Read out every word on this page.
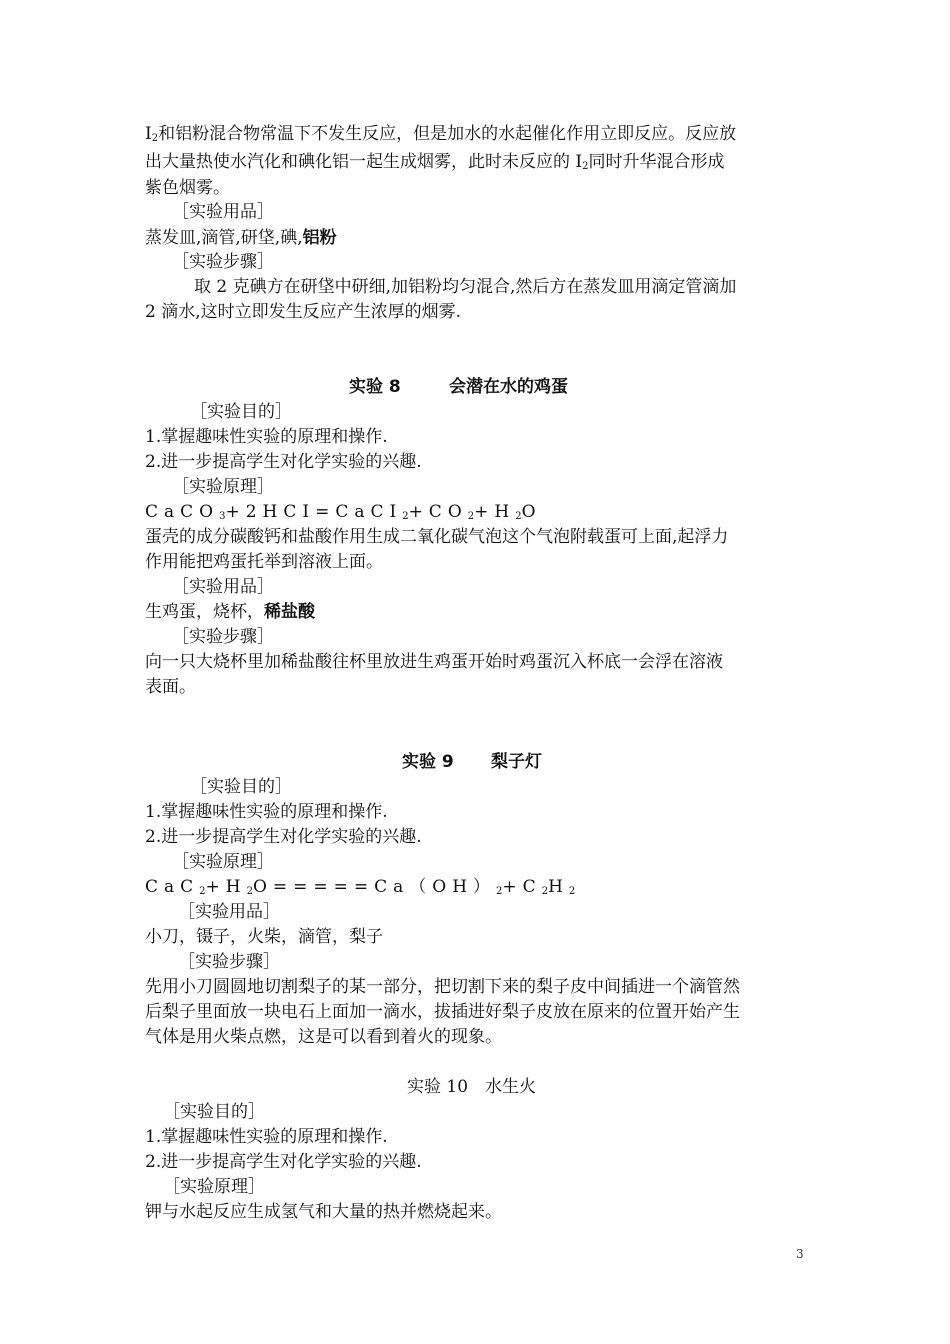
$I_2$和铝粉混合物常温下不发生反应，但是加水的水起催化作用立即反应。反应放
出大量热使水汽化和碘化铝一起生成烟雾，此时未反应的 $I_2$同时升华混合形成
紫色烟雾。
［实验用品］
蒸发皿,滴管,研垡,碘,铝粉
［实验步骤］
取 2 克碘方在研垡中研细,加铝粉均匀混合,然后方在蒸发皿用滴定管滴加
2 滴水,这时立即发生反应产生浓厚的烟雾.
实验 8	会潜在水的鸡蛋
［实验目的］
1.掌握趣味性实验的原理和操作.
2.进一步提高学生对化学实验的兴趣.
［实验原理］
$CaCO_3+2HCI=CaCI_2+CO_2+H_2O$
蛋壳的成分碳酸钙和盐酸作用生成二氧化碳气泡这个气泡附载蛋可上面,起浮力
作用能把鸡蛋托举到溶液上面。
［实验用品］
生鸡蛋，烧杯，稀盐酸
［实验步骤］
向一只大烧杯里加稀盐酸往杯里放进生鸡蛋开始时鸡蛋沉入杯底一会浮在溶液
表面。
实验 9 梨子灯
［实验目的］
1.掌握趣味性实验的原理和操作.
2.进一步提高学生对化学实验的兴趣.
［实验原理］
$CaC_2+H_2O=====Ca(OH)_2+C_2H_2$
［实验用品］
小刀，镊子，火柴，滴管，梨子
［实验步骤］
先用小刀圆圆地切割梨子的某一部分，把切割下来的梨子皮中间插进一个滴管然
后梨子里面放一块电石上面加一滴水，拔插进好梨子皮放在原来的位置开始产生
气体是用火柴点燃，这是可以看到着火的现象。
实验 10　水生火
［实验目的］
1.掌握趣味性实验的原理和操作.
2.进一步提高学生对化学实验的兴趣.
［实验原理］
钾与水起反应生成氢气和大量的热并燃烧起来。
3
